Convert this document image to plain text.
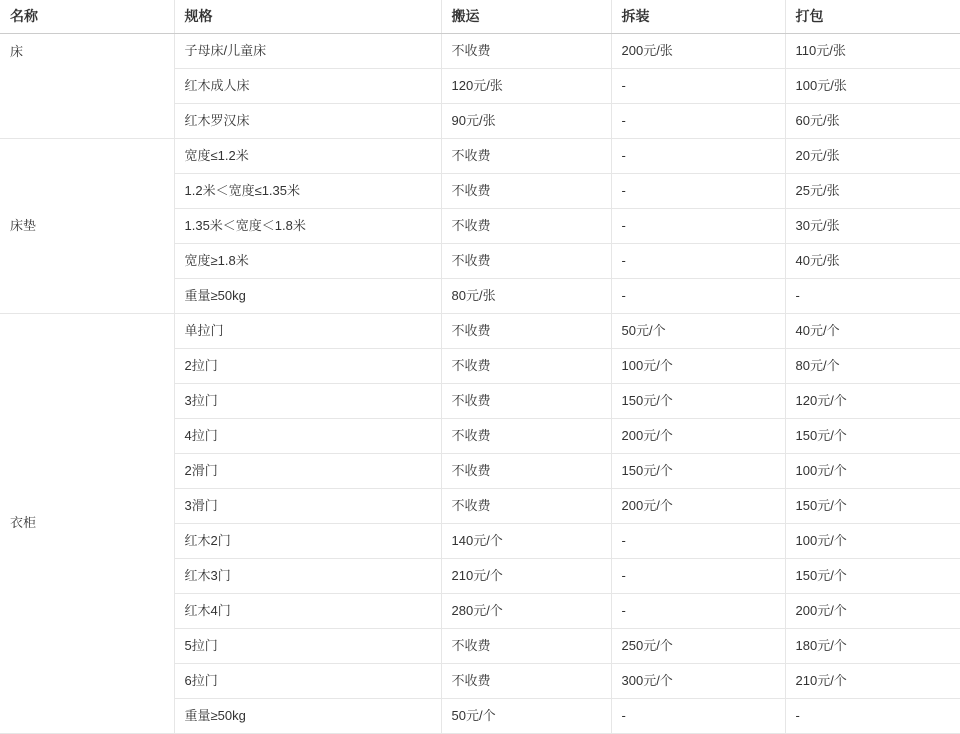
名称	规格	搬运	拆装	打包

床	子母床/儿童床	不收费	200元/张	110元/张
	红木成人床	120元/张	-	100元/张
	红木罗汉床	90元/张	-	60元/张

床垫	宽度≤1.2米	不收费	-	20元/张
	1.2米＜宽度≤1.35米	不收费	-	25元/张
	1.35米＜宽度＜1.8米	不收费	-	30元/张
	宽度≥1.8米	不收费	-	40元/张
	重量≥50kg	80元/张	-	-

衣柜	单拉门	不收费	50元/个	40元/个
	2拉门	不收费	100元/个	80元/个
	3拉门	不收费	150元/个	120元/个
	4拉门	不收费	200元/个	150元/个
	2滑门	不收费	150元/个	100元/个
	3滑门	不收费	200元/个	150元/个
	红木2门	140元/个	-	100元/个
	红木3门	210元/个	-	150元/个
	红木4门	280元/个	-	200元/个
	5拉门	不收费	250元/个	180元/个
	6拉门	不收费	300元/个	210元/个
	重量≥50kg	50元/个	-	-
